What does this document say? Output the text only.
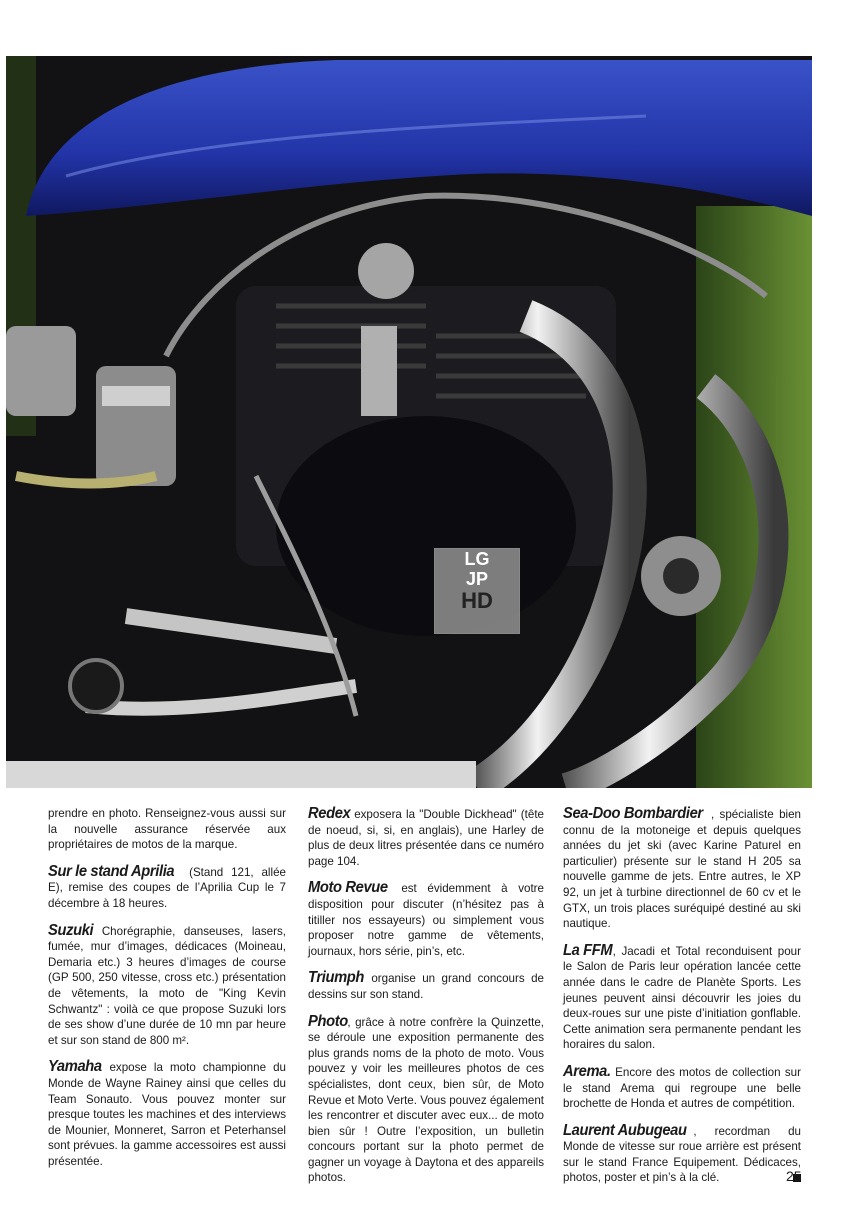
LG
JP
HD

prendre en photo. Renseignez-vous aussi sur la nouvelle assurance réservée aux propriétaires de motos de la marque.

Sur le stand Aprilia (Stand 121, allée E), remise des coupes de l’Aprilia Cup le 7 décembre à 18 heures.

Suzuki Chorégraphie, danseuses, lasers, fumée, mur d’images, dédicaces (Moineau, Demaria etc.) 3 heures d’images de course (GP 500, 250 vitesse, cross etc.) présentation de vêtements, la moto de "King Kevin Schwantz" : voilà ce que propose Suzuki lors de ses show d’une durée de 10 mn par heure et sur son stand de 800 m².

Yamaha expose la moto championne du Monde de Wayne Rainey ainsi que celles du Team Sonauto. Vous pouvez monter sur presque toutes les machines et des interviews de Mounier, Monneret, Sarron et Peterhansel sont prévues. la gamme accessoires est aussi présentée.

Redex exposera la "Double Dickhead" (tête de noeud, si, si, en anglais), une Harley de plus de deux litres présentée dans ce numéro page 104.

Moto Revue est évidemment à votre disposition pour discuter (n’hésitez pas à titiller nos essayeurs) ou simplement vous proposer notre gamme de vêtements, journaux, hors série, pin’s, etc.

Triumph organise un grand concours de dessins sur son stand.

Photo, grâce à notre confrère la Quinzette, se déroule une exposition permanente des plus grands noms de la photo de moto. Vous pouvez y voir les meilleures photos de ces spécialistes, dont ceux, bien sûr, de Moto Revue et Moto Verte. Vous pouvez également les rencontrer et discuter avec eux... de moto bien sûr ! Outre l’exposition, un bulletin concours portant sur la photo permet de gagner un voyage à Daytona et des appareils photos.

Sea-Doo Bombardier , spécialiste bien connu de la motoneige et depuis quelques années du jet ski (avec Karine Paturel en particulier) présente sur le stand H 205 sa nouvelle gamme de jets. Entre autres, le XP 92, un jet à turbine directionnel de 60 cv et le GTX, un trois places suréquipé destiné au ski nautique.

La FFM, Jacadi et Total reconduisent pour le Salon de Paris leur opération lancée cette année dans le cadre de Planète Sports. Les jeunes peuvent ainsi découvrir les joies du deux-roues sur une piste d’initiation gonflable. Cette animation sera permanente pendant les horaires du salon.

Arema. Encore des motos de collection sur le stand Arema qui regroupe une belle brochette de Honda et autres de compétition.

Laurent Aubugeau , recordman du Monde de vitesse sur roue arrière est présent sur le stand France Equipement. Dédicaces, photos, poster et pin’s à la clé.	25
